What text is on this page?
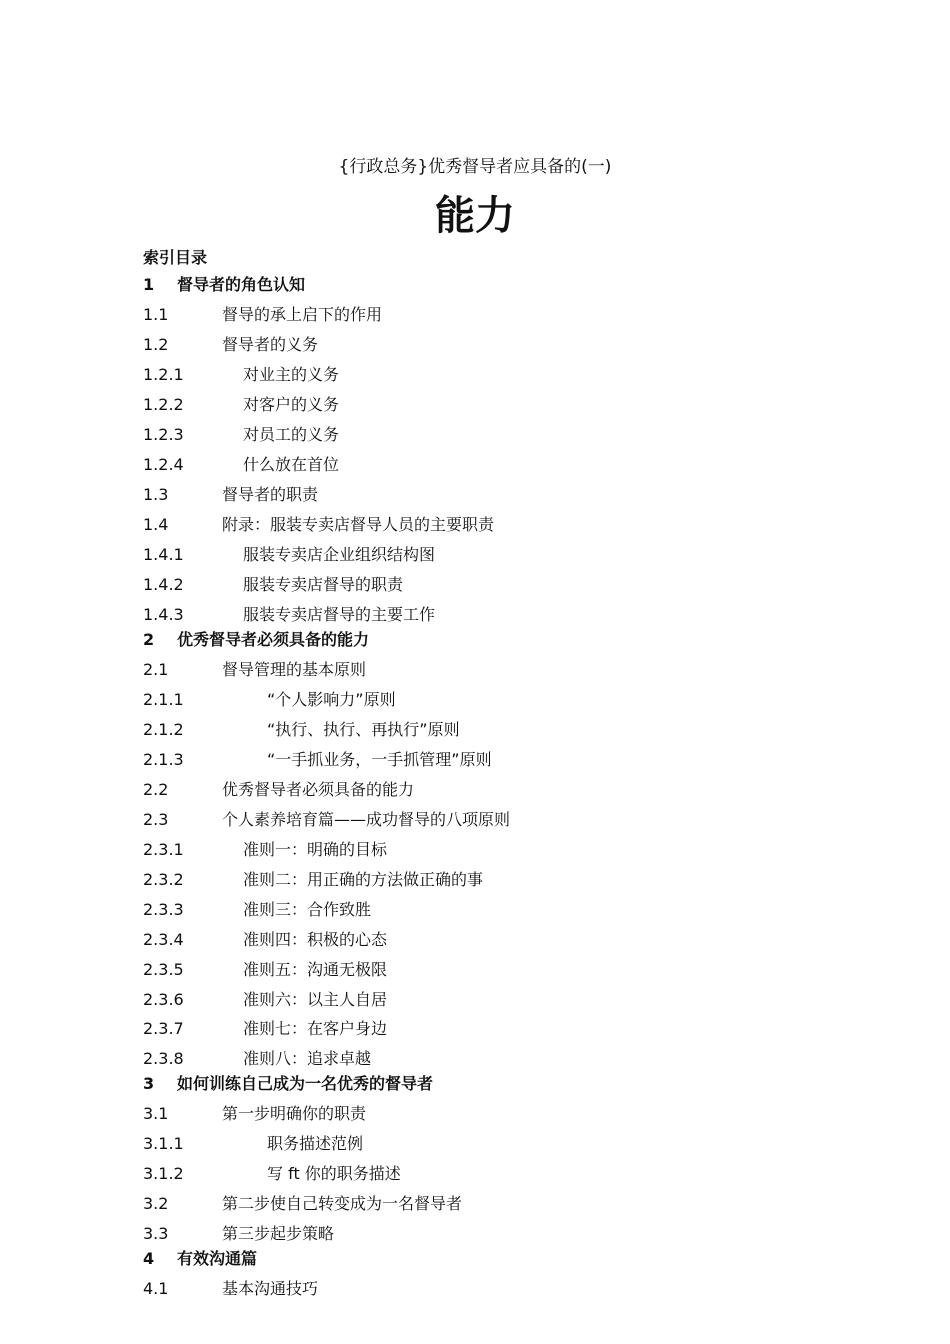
{行政总务}优秀督导者应具备的(一)
能力
索引目录
1 督导者的角色认知
1.1	督导的承上启下的作用
1.2	督导者的义务
1.2.1	对业主的义务
1.2.2	对客户的义务
1.2.3	对员工的义务
1.2.4	什么放在首位
1.3	督导者的职责
1.4	附录：服装专卖店督导人员的主要职责
1.4.1	服装专卖店企业组织结构图
1.4.2	服装专卖店督导的职责
1.4.3	服装专卖店督导的主要工作
2 优秀督导者必须具备的能力
2.1	督导管理的基本原则
2.1.1	“个人影响力”原则
2.1.2	“执行、执行、再执行”原则
2.1.3	“一手抓业务，一手抓管理”原则
2.2	优秀督导者必须具备的能力
2.3	个人素养培育篇——成功督导的八项原则
2.3.1	准则一：明确的目标
2.3.2	准则二：用正确的方法做正确的事
2.3.3	准则三：合作致胜
2.3.4	准则四：积极的心态
2.3.5	准则五：沟通无极限
2.3.6	准则六：以主人自居
2.3.7	准则七：在客户身边
2.3.8	准则八：追求卓越
3 如何训练自己成为一名优秀的督导者
3.1	第一步明确你的职责
3.1.1	职务描述范例
3.1.2	写 ft 你的职务描述
3.2	第二步使自己转变成为一名督导者
3.3	第三步起步策略
4 有效沟通篇
4.1	基本沟通技巧
